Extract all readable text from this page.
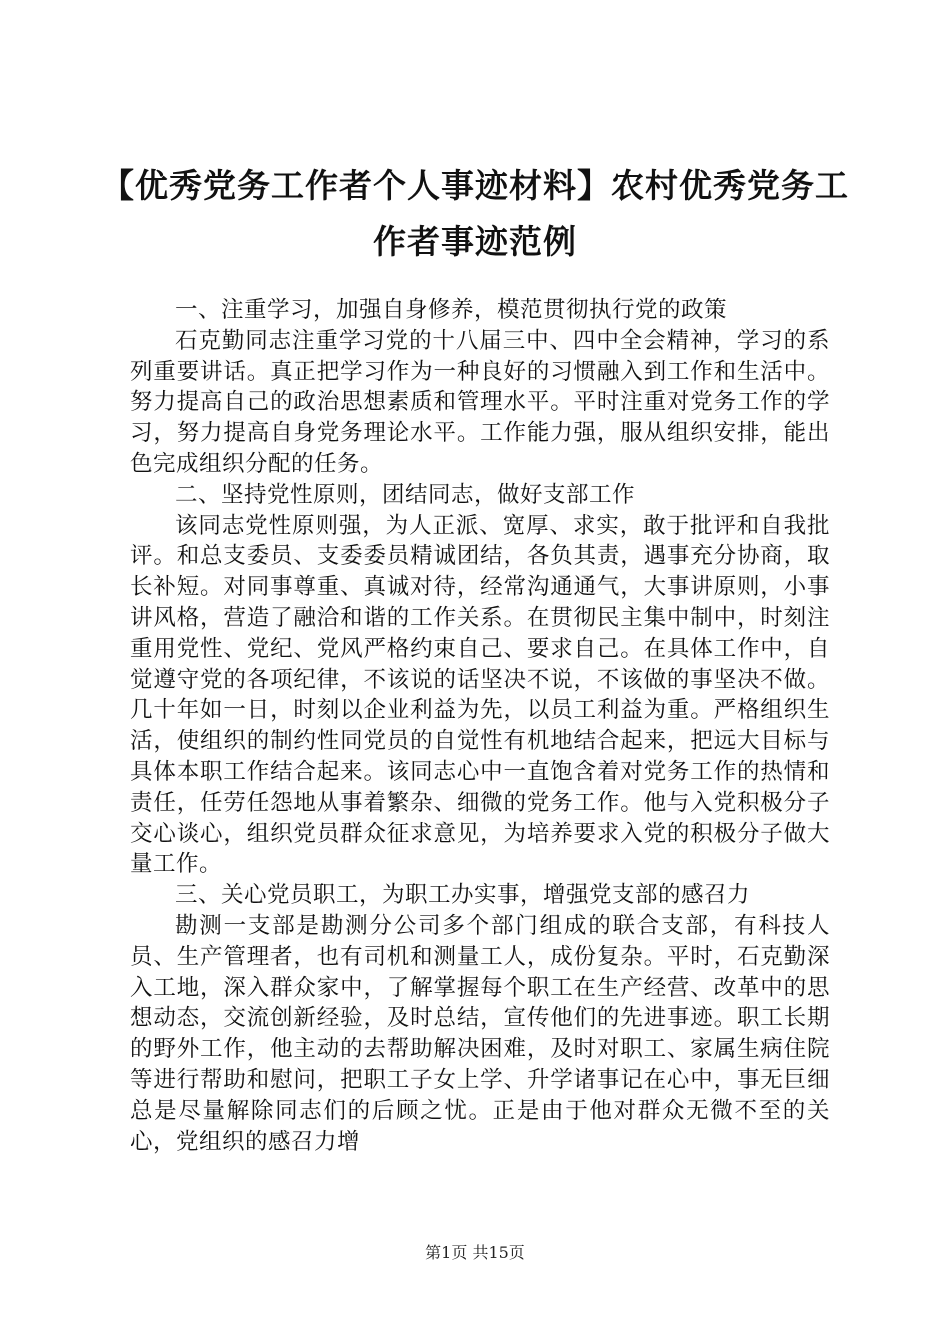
【优秀党务工作者个人事迹材料】农村优秀党务工作者事迹范例

一、注重学习，加强自身修养，模范贯彻执行党的政策

石克勤同志注重学习党的十八届三中、四中全会精神，学习的系列重要讲话。真正把学习作为一种良好的习惯融入到工作和生活中。努力提高自己的政治思想素质和管理水平。平时注重对党务工作的学习，努力提高自身党务理论水平。工作能力强，服从组织安排，能出色完成组织分配的任务。

二、坚持党性原则，团结同志，做好支部工作

该同志党性原则强，为人正派、宽厚、求实，敢于批评和自我批评。和总支委员、支委委员精诚团结，各负其责，遇事充分协商，取长补短。对同事尊重、真诚对待，经常沟通通气，大事讲原则，小事讲风格，营造了融洽和谐的工作关系。在贯彻民主集中制中，时刻注重用党性、党纪、党风严格约束自己、要求自己。在具体工作中，自觉遵守党的各项纪律，不该说的话坚决不说，不该做的事坚决不做。几十年如一日，时刻以企业利益为先，以员工利益为重。严格组织生活，使组织的制约性同党员的自觉性有机地结合起来，把远大目标与具体本职工作结合起来。该同志心中一直饱含着对党务工作的热情和责任，任劳任怨地从事着繁杂、细微的党务工作。他与入党积极分子交心谈心，组织党员群众征求意见，为培养要求入党的积极分子做大量工作。

三、关心党员职工，为职工办实事，增强党支部的感召力

勘测一支部是勘测分公司多个部门组成的联合支部，有科技人员、生产管理者，也有司机和测量工人，成份复杂。平时，石克勤深入工地，深入群众家中，了解掌握每个职工在生产经营、改革中的思想动态，交流创新经验，及时总结，宣传他们的先进事迹。职工长期的野外工作，他主动的去帮助解决困难，及时对职工、家属生病住院等进行帮助和慰问，把职工子女上学、升学诸事记在心中，事无巨细总是尽量解除同志们的后顾之忧。正是由于他对群众无微不至的关心，党组织的感召力增

第1页 共15页
